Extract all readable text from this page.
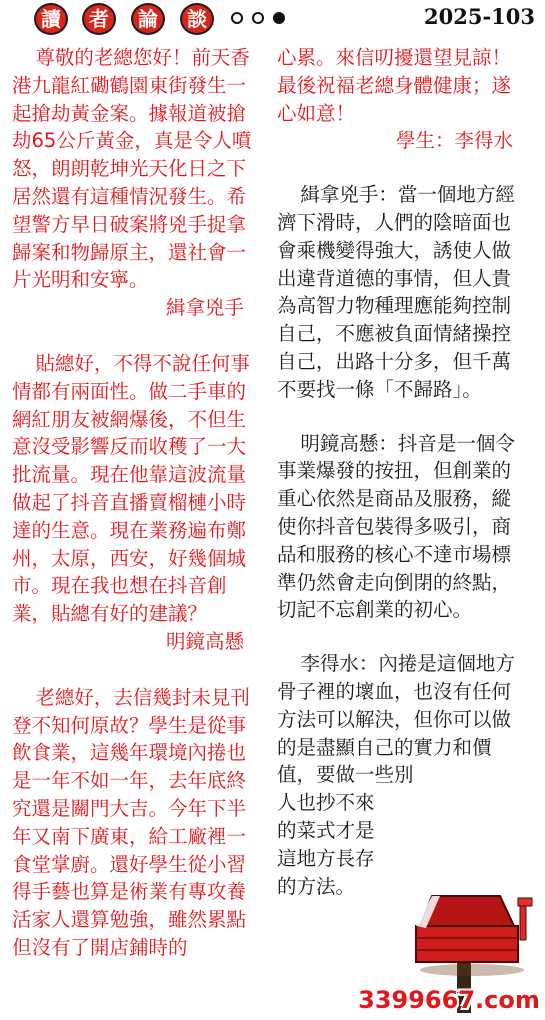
讀	者	論	談	2025-103

尊敬的老總您好！前天香港九龍紅磡鶴園東街發生一起搶劫黃金案。據報道被搶劫65公斤黃金，真是令人噴怒，朗朗乾坤光天化日之下居然還有這種情況發生。希望警方早日破案將兇手捉拿歸案和物歸原主，還社會一片光明和安寧。

緝拿兇手

貼總好，不得不說任何事情都有兩面性。做二手車的網紅朋友被網爆後，不但生意沒受影響反而收穫了一大批流量。現在他靠這波流量做起了抖音直播賣榴槤小時達的生意。現在業務遍布鄭州，太原，西安，好幾個城市。現在我也想在抖音創業，貼總有好的建議？

明鏡高懸

老總好，去信幾封未見刊登不知何原故？學生是從事飲食業，這幾年環境內捲也是一年不如一年，去年底終究還是關門大吉。今年下半年又南下廣東，給工廠裡一食堂掌廚。還好學生從小習得手藝也算是術業有專攻養活家人還算勉強，雖然累點但沒有了開店鋪時的

心累。來信叨擾還望見諒！最後祝福老總身體健康；遂心如意！

學生：李得水

緝拿兇手：當一個地方經濟下滑時，人們的陰暗面也會乘機變得強大，誘使人做出違背道德的事情，但人貴為高智力物種理應能夠控制自己，不應被負面情緒操控自己，出路十分多，但千萬不要找一條「不歸路」。

明鏡高懸：抖音是一個令事業爆發的按扭，但創業的重心依然是商品及服務，縱使你抖音包裝得多吸引，商品和服務的核心不達市場標準仍然會走向倒閉的終點，切記不忘創業的初心。

李得水：內捲是這個地方骨子裡的壞血，也沒有任何方法可以解決，但你可以做的是盡顯自己的實力和價值，要做一些別

人也抄不來

的菜式才是

這地方長存

的方法。

3399667.com
